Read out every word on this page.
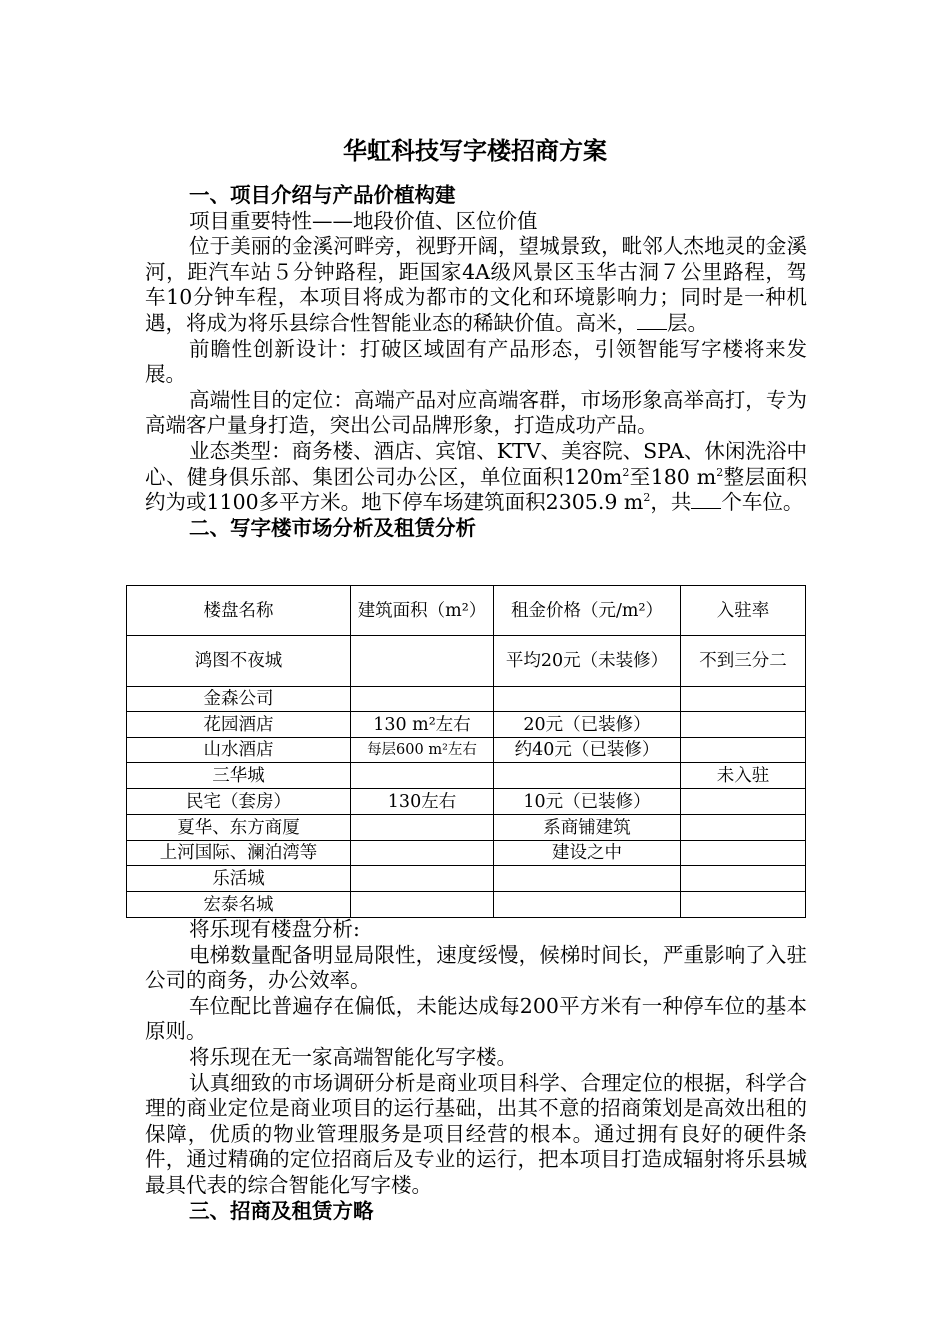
华虹科技写字楼招商方案

一、项目介绍与产品价植构建

项目重要特性——地段价值、区位价值

位于美丽的金溪河畔旁，视野开阔，望城景致，毗邻人杰地灵的金溪河，距汽车站５分钟路程，距国家4A级风景区玉华古洞７公里路程，驾车10分钟车程，本项目将成为都市的文化和环境影响力；同时是一种机遇，将成为将乐县综合性智能业态的稀缺价值。高米， 层。

前瞻性创新设计：打破区域固有产品形态，引领智能写字楼将来发展。

高端性目的定位：高端产品对应高端客群，市场形象高举高打，专为高端客户量身打造，突出公司品牌形象，打造成功产品。

业态类型：商务楼、酒店、宾馆、KTV、美容院、SPA、休闲洗浴中心、健身俱乐部、集团公司办公区，单位面积$120m^2$至180 $m^2$整层面积约为或1100多平方米。地下停车场建筑面积2305.9 $m^2$，共 个车位。

二、写字楼市场分析及租赁分析

楼盘名称	建筑面积（m²）	租金价格（元/m²）	入驻率
鸿图不夜城		平均20元（未装修）	不到三分二
金森公司			
花园酒店	130 m²左右	20元（已装修）	
山水酒店	每层600 m²左右	约40元（已装修）	
三华城			未入驻
民宅（套房）	130左右	10元（已装修）	
夏华、东方商厦		系商铺建筑	
上河国际、澜泊湾等		建设之中	
乐活城			
宏泰名城			

将乐现有楼盘分析:

电梯数量配备明显局限性，速度绥慢，候梯时间长，严重影响了入驻公司的商务，办公效率。

车位配比普遍存在偏低，未能达成每200平方米有一种停车位的基本原则。

将乐现在无一家高端智能化写字楼。

认真细致的市场调研分析是商业项目科学、合理定位的根据，科学合理的商业定位是商业项目的运行基础，出其不意的招商策划是高效出租的保障，优质的物业管理服务是项目经营的根本。通过拥有良好的硬件条件，通过精确的定位招商后及专业的运行，把本项目打造成辐射将乐县城最具代表的综合智能化写字楼。

三、招商及租赁方略
